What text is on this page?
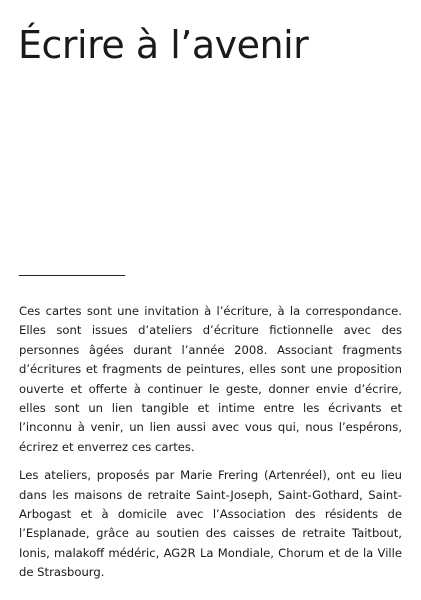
Écrire à l’avenir

Ces cartes sont une invitation à l’écriture, à la correspondance. Elles sont issues d’ateliers d’écriture fictionnelle avec des personnes âgées durant l’année 2008. Associant fragments d’écritures et fragments de peintures, elles sont une proposition ouverte et offerte à continuer le geste, donner envie d’écrire, elles sont un lien tangible et intime entre les écrivants et l’inconnu à venir, un lien aussi avec vous qui, nous l’espérons, écrirez et enverrez ces cartes.

Les ateliers, proposés par Marie Frering (Artenréel), ont eu lieu dans les maisons de retraite Saint-Joseph, Saint-Gothard, Saint-Arbogast et à domicile avec l’Association des résidents de l’Esplanade, grâce au soutien des caisses de retraite Taitbout, Ionis, malakoff médéric, AG2R La Mondiale, Chorum et de la Ville de Strasbourg.
